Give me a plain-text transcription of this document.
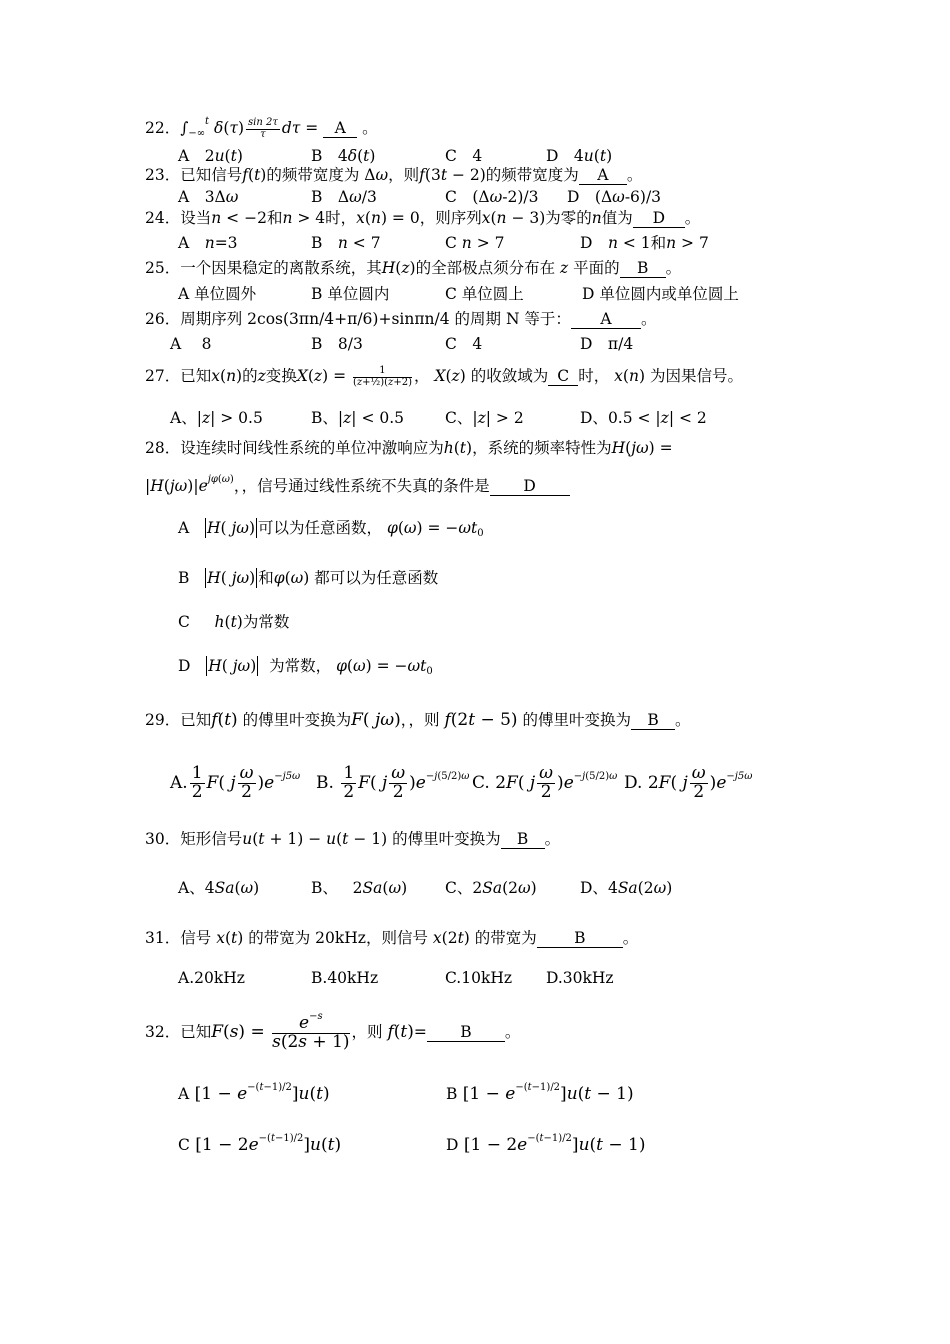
22．$\int_{-\infty}^t$ $\delta(\tau) \frac{\sin 2\tau}{\tau}$ dτ = A 。
A　2u(t)	B　4δ(t)	C　4	D　4u(t)
23．已知信号f(t)的频带宽度为 Δω，则f(3t − 2)的频带宽度为 A 。
A　3Δω	B　Δω/3	C　(Δω-2)/3 D　(Δω-6)/3
24．设当n < −2和n > 4时，x(n) = 0，则序列x(n − 3)为零的n值为 D 。
A　n=3	B　n < 7	C n > 7	D　n < 1和n > 7
25．一个因果稳定的离散系统，其H(z)的全部极点须分布在 z 平面的 B 。
A 单位圆外	B 单位圆内	C 单位圆上	D 单位圆内或单位圆上
26．周期序列 2cos(3πn/4+π/6)+sinπn/4 的周期 N 等于： A 。
A　 8	B　8/3	C　4	D　π/4
27．已知x(n)的z变换$X(z) = \frac{1}{\text{(z+½)(z+2)}}$ ， X(z) 的收敛域为 C 时， x(n) 为因果信号。
A、|z| > 0.5	B、|z| < 0.5	C、|z| > 2	D、0.5 < |z| < 2
28．设连续时间线性系统的单位冲激响应为h(t)，系统的频率特性为H(jω) =
$|H(j\omega)|e^{j\varphi(\omega)}$，，信号通过线性系统不失真的条件是 D
A H( jω) 可以为任意函数， $\varphi(\omega) = -\omega t_0$
B H( jω) 和φ(ω) 都可以为任意函数
C h(t)为常数
D H( jω) 为常数， $\varphi(\omega) = -\omega t_0$
29．已知f(t) 的傅里叶变换为F( jω)，，则 f(2t − 5) 的傅里叶变换为 B 。
A. $\frac{1}{2} F$( j $\frac{\omega}{2} )e^{-j5\omega}$ B. $\frac{1}{2} F$( j $\frac{\omega}{2} )e^{-j(5/2)\omega}$ C. 2F( j $\frac{\omega}{2} )e^{-j(5/2)\omega}$ D. 2F( j $\frac{\omega}{2} )e^{-j5\omega}$
30．矩形信号u(t + 1) − u(t − 1) 的傅里叶变换为 B 。
A、4Sa(ω)	B、   2Sa(ω) C、2Sa(2ω)	D、4Sa(2ω)
31．信号 x(t) 的带宽为 20kHz，则信号 x(2t) 的带宽为 B 。
A.20kHz	B.40kHz	C.10kHz D.30kHz
32．已知$F(s) = \frac{e^{-s}}{s(2s + 1)}$ ，则 f(t)= B 。
A $[1 - e^{-(t-1)/2}]u(t)$	B $[1 - e^{-(t-1)/2}]u(t - 1)$
C $[1 - 2e^{-(t-1)/2}]u(t)$	D $[1 - 2e^{-(t-1)/2}]u(t - 1)$
